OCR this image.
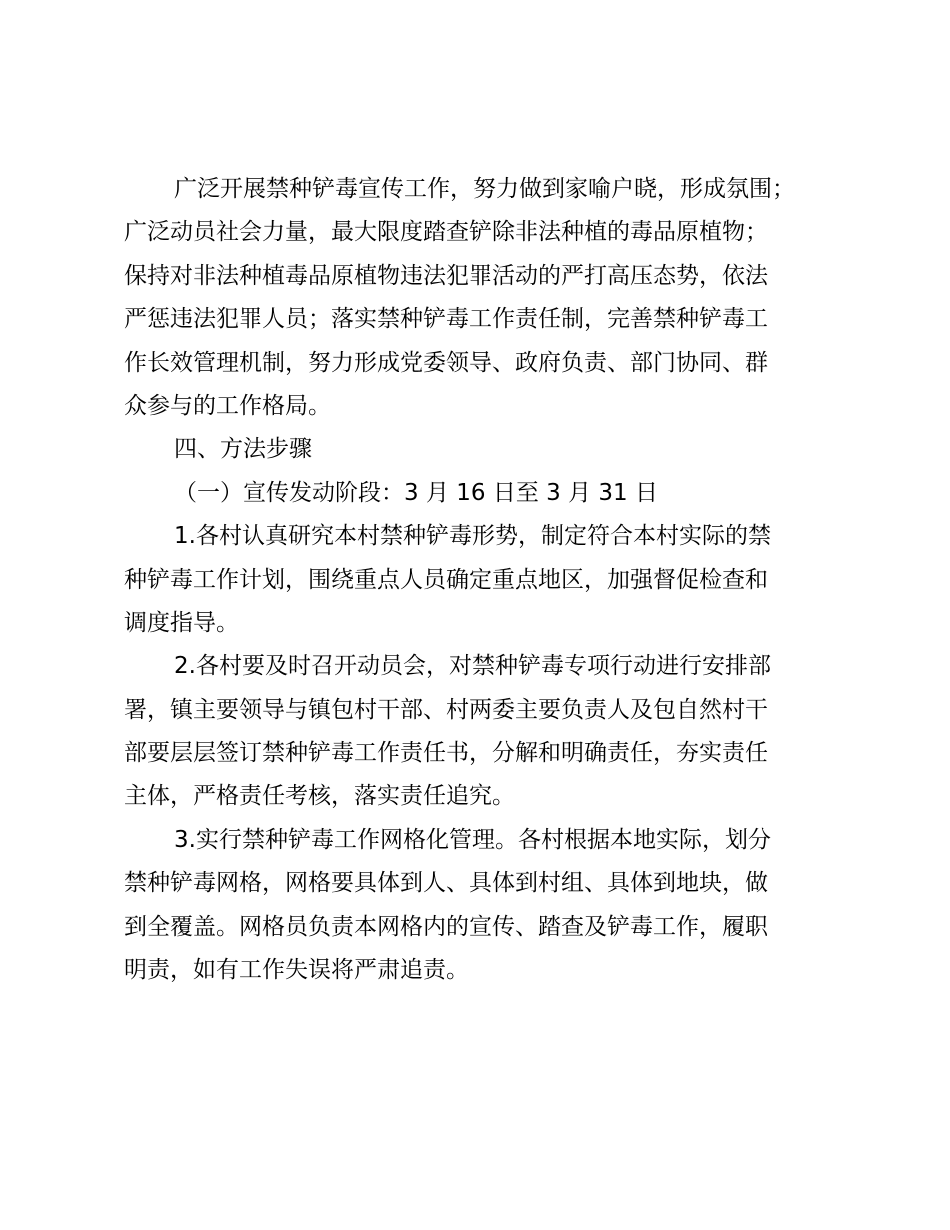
广泛开展禁种铲毒宣传工作，努力做到家喻户晓，形成氛围；
广泛动员社会力量，最大限度踏查铲除非法种植的毒品原植物；
保持对非法种植毒品原植物违法犯罪活动的严打高压态势，依法
严惩违法犯罪人员；落实禁种铲毒工作责任制，完善禁种铲毒工
作长效管理机制，努力形成党委领导、政府负责、部门协同、群
众参与的工作格局。
四、方法步骤
（一）宣传发动阶段：3 月 16 日至 3 月 31 日
1.各村认真研究本村禁种铲毒形势，制定符合本村实际的禁
种铲毒工作计划，围绕重点人员确定重点地区，加强督促检查和
调度指导。
2.各村要及时召开动员会，对禁种铲毒专项行动进行安排部
署，镇主要领导与镇包村干部、村两委主要负责人及包自然村干
部要层层签订禁种铲毒工作责任书，分解和明确责任，夯实责任
主体，严格责任考核，落实责任追究。
3.实行禁种铲毒工作网格化管理。各村根据本地实际，划分
禁种铲毒网格，网格要具体到人、具体到村组、具体到地块，做
到全覆盖。网格员负责本网格内的宣传、踏查及铲毒工作，履职
明责，如有工作失误将严肃追责。
